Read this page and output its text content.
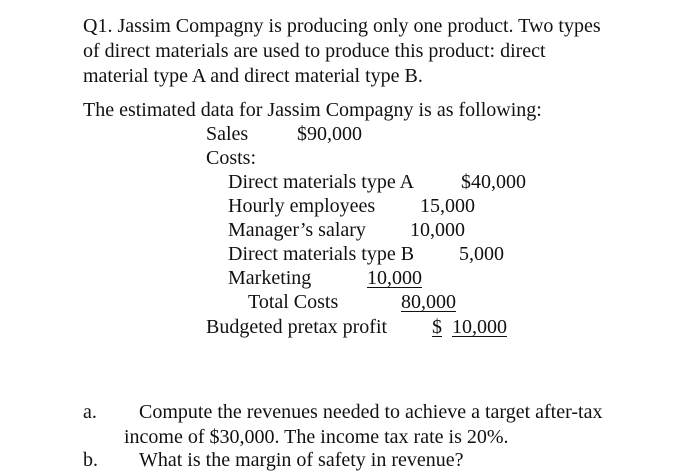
Q1. Jassim Compagny is producing only one product. Two types
of direct materials are used to produce this product: direct
material type A and direct material type B.
The estimated data for Jassim Compagny is as following:
Sales $90,000
Costs:
Direct materials type A $40,000
Hourly employees 15,000
Manager’s salary 10,000
Direct materials type B 5,000
Marketing	10,000
Total Costs	80,000
Budgeted pretax profit $ 10,000
a. Compute the revenues needed to achieve a target after-tax
income of $30,000. The income tax rate is 20%.
b. What is the margin of safety in revenue?
